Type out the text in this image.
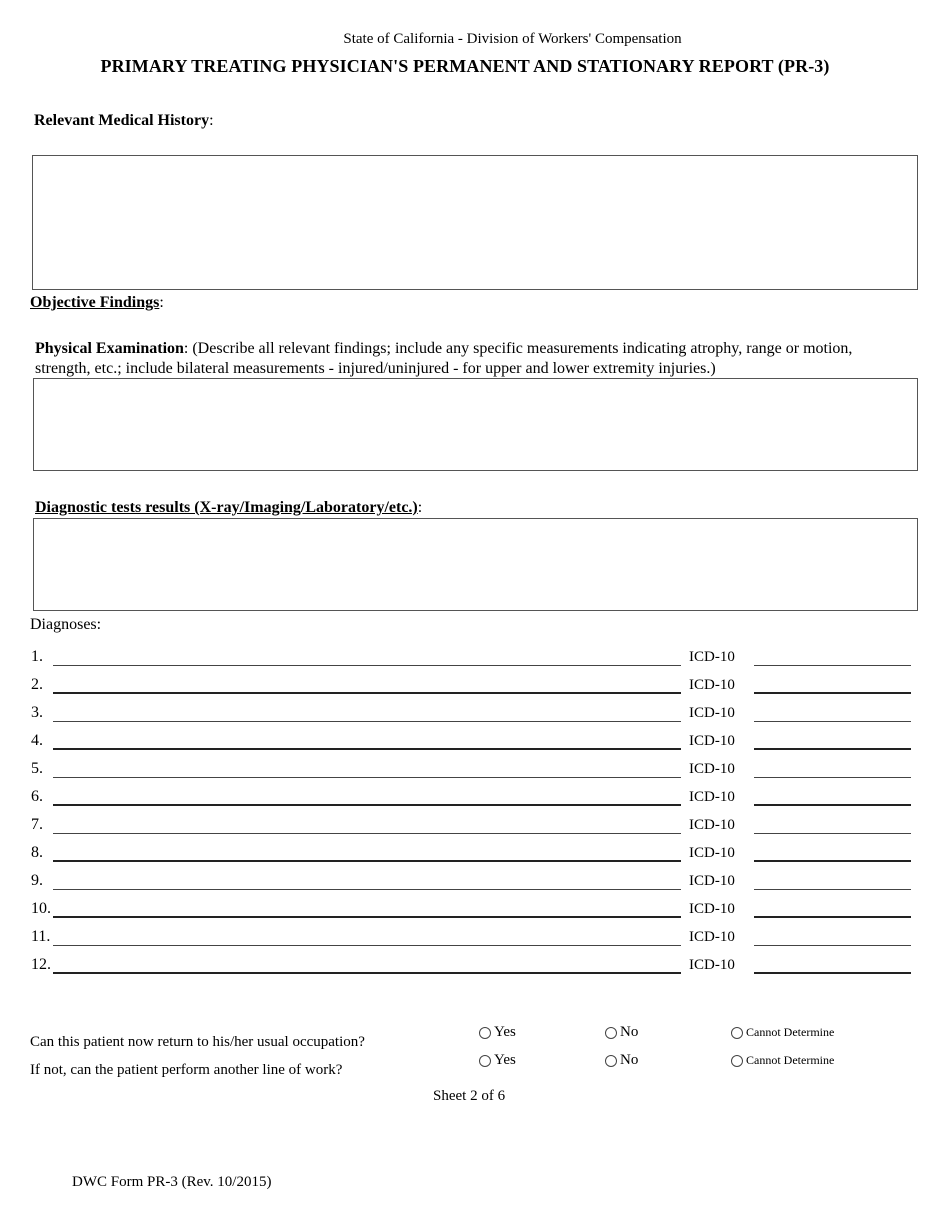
State of California - Division of Workers' Compensation
PRIMARY TREATING PHYSICIAN'S PERMANENT AND STATIONARY REPORT (PR-3)
Relevant Medical History:
Objective Findings:
Physical Examination: (Describe all relevant findings; include any specific measurements indicating atrophy, range or motion,
strength, etc.; include bilateral measurements - injured/uninjured - for upper and lower extremity injuries.)
Diagnostic tests results (X-ray/Imaging/Laboratory/etc.):
Diagnoses:
1.	ICD-10
2.	ICD-10
3.	ICD-10
4.	ICD-10
5.	ICD-10
6.	ICD-10
7.	ICD-10
8.	ICD-10
9.	ICD-10
10.	ICD-10
11.	ICD-10
12.	ICD-10
Can this patient now return to his/her usual occupation?
If not, can the patient perform another line of work?
Yes	No	Cannot Determine
Yes	No	Cannot Determine
Sheet 2 of 6
DWC Form PR-3 (Rev. 10/2015)
